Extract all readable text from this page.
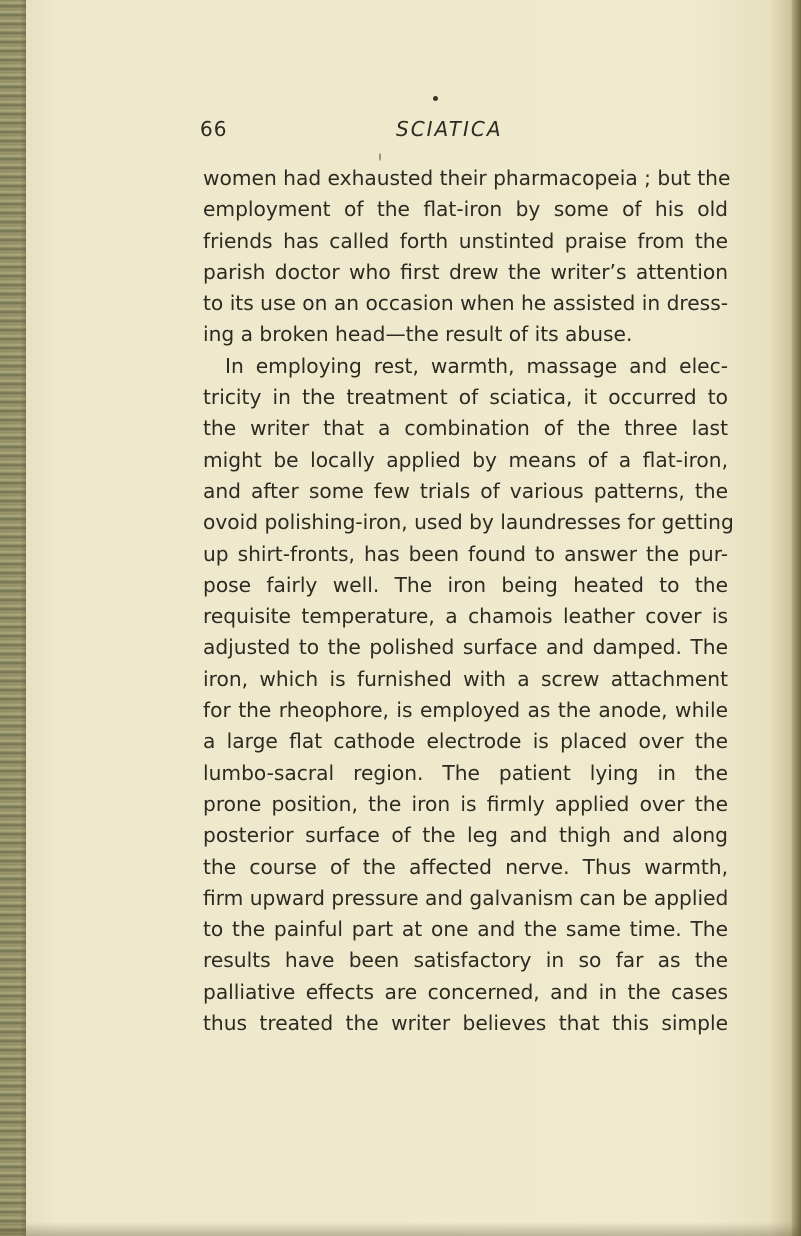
66	SCIATICA
women had exhausted their pharmacopeia ; but the
employment of the flat-iron by some of his old
friends has called forth unstinted praise from the
parish doctor who first drew the writer’s attention
to its use on an occasion when he assisted in dress-
ing a broken head—the result of its abuse.
In employing rest, warmth, massage and elec-
tricity in the treatment of sciatica, it occurred to
the writer that a combination of the three last
might be locally applied by means of a flat-iron,
and after some few trials of various patterns, the
ovoid polishing-iron, used by laundresses for getting
up shirt-fronts, has been found to answer the pur-
pose fairly well. The iron being heated to the
requisite temperature, a chamois leather cover is
adjusted to the polished surface and damped. The
iron, which is furnished with a screw attachment
for the rheophore, is employed as the anode, while
a large flat cathode electrode is placed over the
lumbo-sacral region. The patient lying in the
prone position, the iron is firmly applied over the
posterior surface of the leg and thigh and along
the course of the affected nerve. Thus warmth,
firm upward pressure and galvanism can be applied
to the painful part at one and the same time. The
results have been satisfactory in so far as the
palliative effects are concerned, and in the cases
thus treated the writer believes that this simple
